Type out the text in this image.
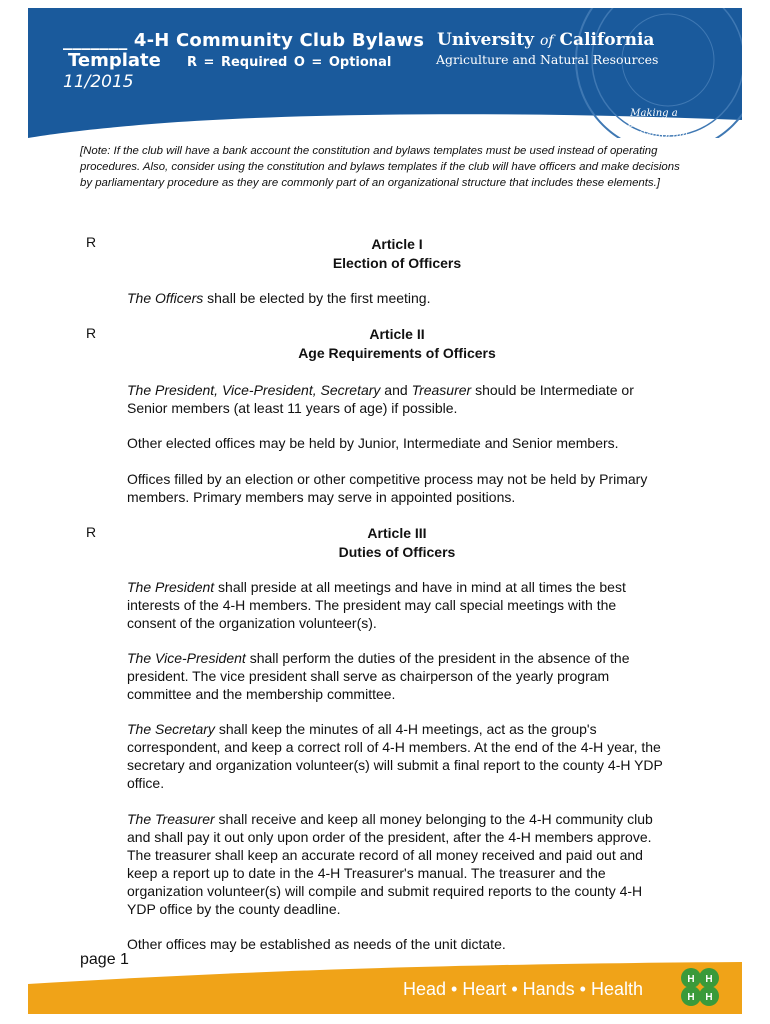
_______ 4-H Community Club Bylaws
Template R = Required O = Optional
11/2015
University of California
Agriculture and Natural Resources
Making a Difference
for California
[Note: If the club will have a bank account the constitution and bylaws templates must be used instead of operating procedures. Also, consider using the constitution and bylaws templates if the club will have officers and make decisions by parliamentary procedure as they are commonly part of an organizational structure that includes these elements.]
R	Article I
Election of Officers
The Officers shall be elected by the first meeting.
R	Article II
Age Requirements of Officers
The President, Vice-President, Secretary and Treasurer should be Intermediate or Senior members (at least 11 years of age) if possible.
Other elected offices may be held by Junior, Intermediate and Senior members.
Offices filled by an election or other competitive process may not be held by Primary members. Primary members may serve in appointed positions.
R	Article III
Duties of Officers
The President shall preside at all meetings and have in mind at all times the best interests of the 4-H members. The president may call special meetings with the consent of the organization volunteer(s).
The Vice-President shall perform the duties of the president in the absence of the president. The vice president shall serve as chairperson of the yearly program committee and the membership committee.
The Secretary shall keep the minutes of all 4-H meetings, act as the group's correspondent, and keep a correct roll of 4-H members. At the end of the 4-H year, the secretary and organization volunteer(s) will submit a final report to the county 4-H YDP office.
The Treasurer shall receive and keep all money belonging to the 4-H community club and shall pay it out only upon order of the president, after the 4-H members approve. The treasurer shall keep an accurate record of all money received and paid out and keep a report up to date in the 4-H Treasurer's manual. The treasurer and the organization volunteer(s) will compile and submit required reports to the county 4-H YDP office by the county deadline.
Other offices may be established as needs of the unit dictate.
page 1
H H
H H
Head • Heart • Hands • Health
